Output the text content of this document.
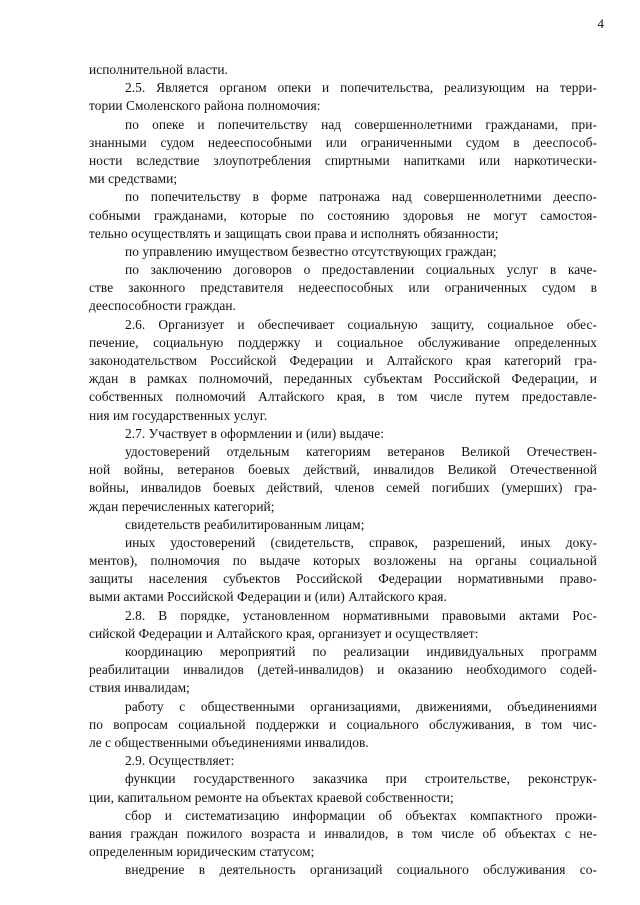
4
исполнительной власти.
2.5. Является органом опеки и попечительства, реализующим на терри-
тории Смоленского района полномочия:
по опеке и попечительству над совершеннолетними гражданами, при-
знанными судом недееспособными или ограниченными судом в дееспособ-
ности вследствие злоупотребления спиртными напитками или наркотически-
ми средствами;
по попечительству в форме патронажа над совершеннолетними дееспо-
собными гражданами, которые по состоянию здоровья не могут самостоя-
тельно осуществлять и защищать свои права и исполнять обязанности;
по управлению имуществом безвестно отсутствующих граждан;
по заключению договоров о предоставлении социальных услуг в каче-
стве законного представителя недееспособных или ограниченных судом в
дееспособности граждан.
2.6. Организует и обеспечивает социальную защиту, социальное обес-
печение, социальную поддержку и социальное обслуживание определенных
законодательством Российской Федерации и Алтайского края категорий гра-
ждан в рамках полномочий, переданных субъектам Российской Федерации, и
собственных полномочий Алтайского края, в том числе путем предоставле-
ния им государственных услуг.
2.7. Участвует в оформлении и (или) выдаче:
удостоверений отдельным категориям ветеранов Великой Отечествен-
ной войны, ветеранов боевых действий, инвалидов Великой Отечественной
войны, инвалидов боевых действий, членов семей погибших (умерших) гра-
ждан перечисленных категорий;
свидетельств реабилитированным лицам;
иных удостоверений (свидетельств, справок, разрешений, иных доку-
ментов), полномочия по выдаче которых возложены на органы социальной
защиты населения субъектов Российской Федерации нормативными право-
выми актами Российской Федерации и (или) Алтайского края.
2.8. В порядке, установленном нормативными правовыми актами Рос-
сийской Федерации и Алтайского края, организует и осуществляет:
координацию мероприятий по реализации индивидуальных программ
реабилитации инвалидов (детей-инвалидов) и оказанию необходимого содей-
ствия инвалидам;
работу с общественными организациями, движениями, объединениями
по вопросам социальной поддержки и социального обслуживания, в том чис-
ле с общественными объединениями инвалидов.
2.9. Осуществляет:
функции государственного заказчика при строительстве, реконструк-
ции, капитальном ремонте на объектах краевой собственности;
сбор и систематизацию информации об объектах компактного прожи-
вания граждан пожилого возраста и инвалидов, в том числе об объектах с не-
определенным юридическим статусом;
внедрение в деятельность организаций социального обслуживания со-
